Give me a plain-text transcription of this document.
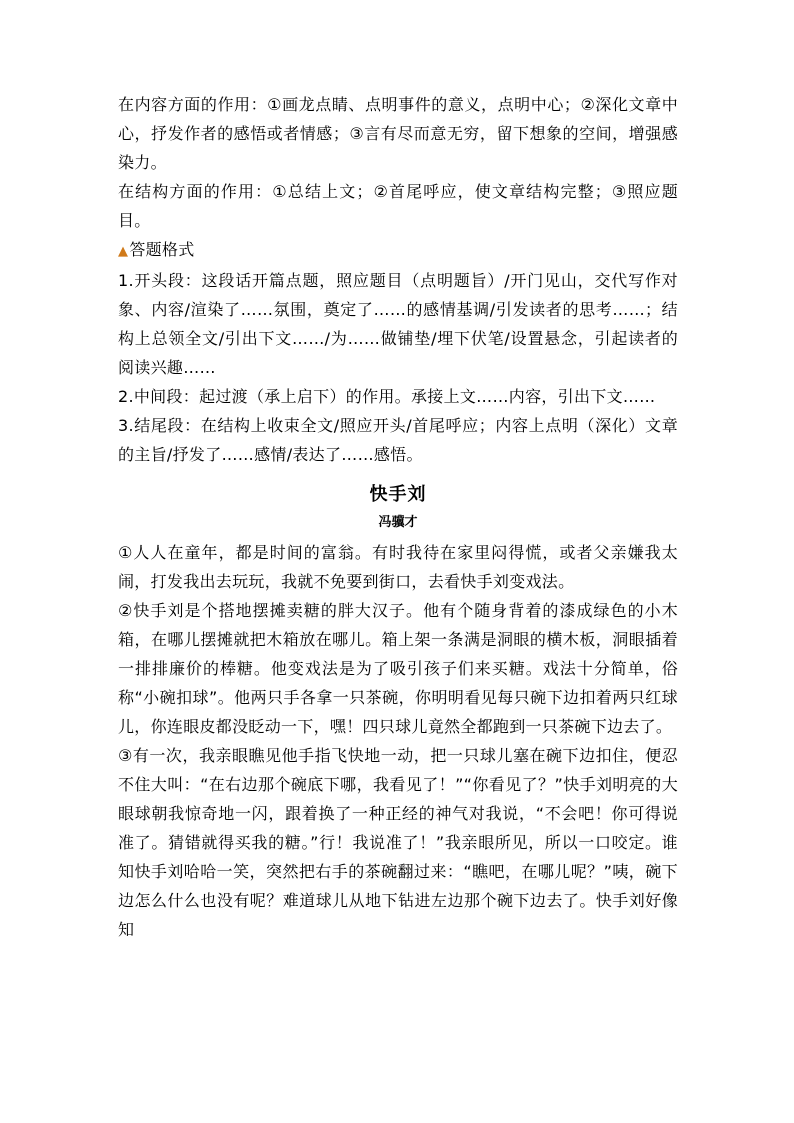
在内容方面的作用：①画龙点睛、点明事件的意义，点明中心；②深化文章中心，抒发作者的感悟或者情感；③言有尽而意无穷，留下想象的空间，增强感染力。

在结构方面的作用：①总结上文；②首尾呼应，使文章结构完整；③照应题目。

▲答题格式

1.开头段：这段话开篇点题，照应题目（点明题旨）/开门见山，交代写作对象、内容/渲染了……氛围，奠定了……的感情基调/引发读者的思考……；结构上总领全文/引出下文……/为……做铺垫/埋下伏笔/设置悬念，引起读者的阅读兴趣……

2.中间段：起过渡（承上启下）的作用。承接上文……内容，引出下文……

3.结尾段：在结构上收束全文/照应开头/首尾呼应；内容上点明（深化）文章的主旨/抒发了……感情/表达了……感悟。

快手刘

冯骥才

①人人在童年，都是时间的富翁。有时我待在家里闷得慌，或者父亲嫌我太闹，打发我出去玩玩，我就不免要到街口，去看快手刘变戏法。

②快手刘是个搭地摆摊卖糖的胖大汉子。他有个随身背着的漆成绿色的小木箱，在哪儿摆摊就把木箱放在哪儿。箱上架一条满是洞眼的横木板，洞眼插着一排排廉价的棒糖。他变戏法是为了吸引孩子们来买糖。戏法十分简单，俗称“小碗扣球”。他两只手各拿一只茶碗，你明明看见每只碗下边扣着两只红球儿，你连眼皮都没眨动一下，嘿！四只球儿竟然全都跑到一只茶碗下边去了。

③有一次，我亲眼瞧见他手指飞快地一动，把一只球儿塞在碗下边扣住，便忍不住大叫：“在右边那个碗底下哪，我看见了！”“你看见了？”快手刘明亮的大眼球朝我惊奇地一闪，跟着换了一种正经的神气对我说，“不会吧！你可得说准了。猜错就得买我的糖。”行！我说准了！”我亲眼所见，所以一口咬定。谁知快手刘哈哈一笑，突然把右手的茶碗翻过来：“瞧吧，在哪儿呢？”咦，碗下边怎么什么也没有呢？难道球儿从地下钻进左边那个碗下边去了。快手刘好像知
